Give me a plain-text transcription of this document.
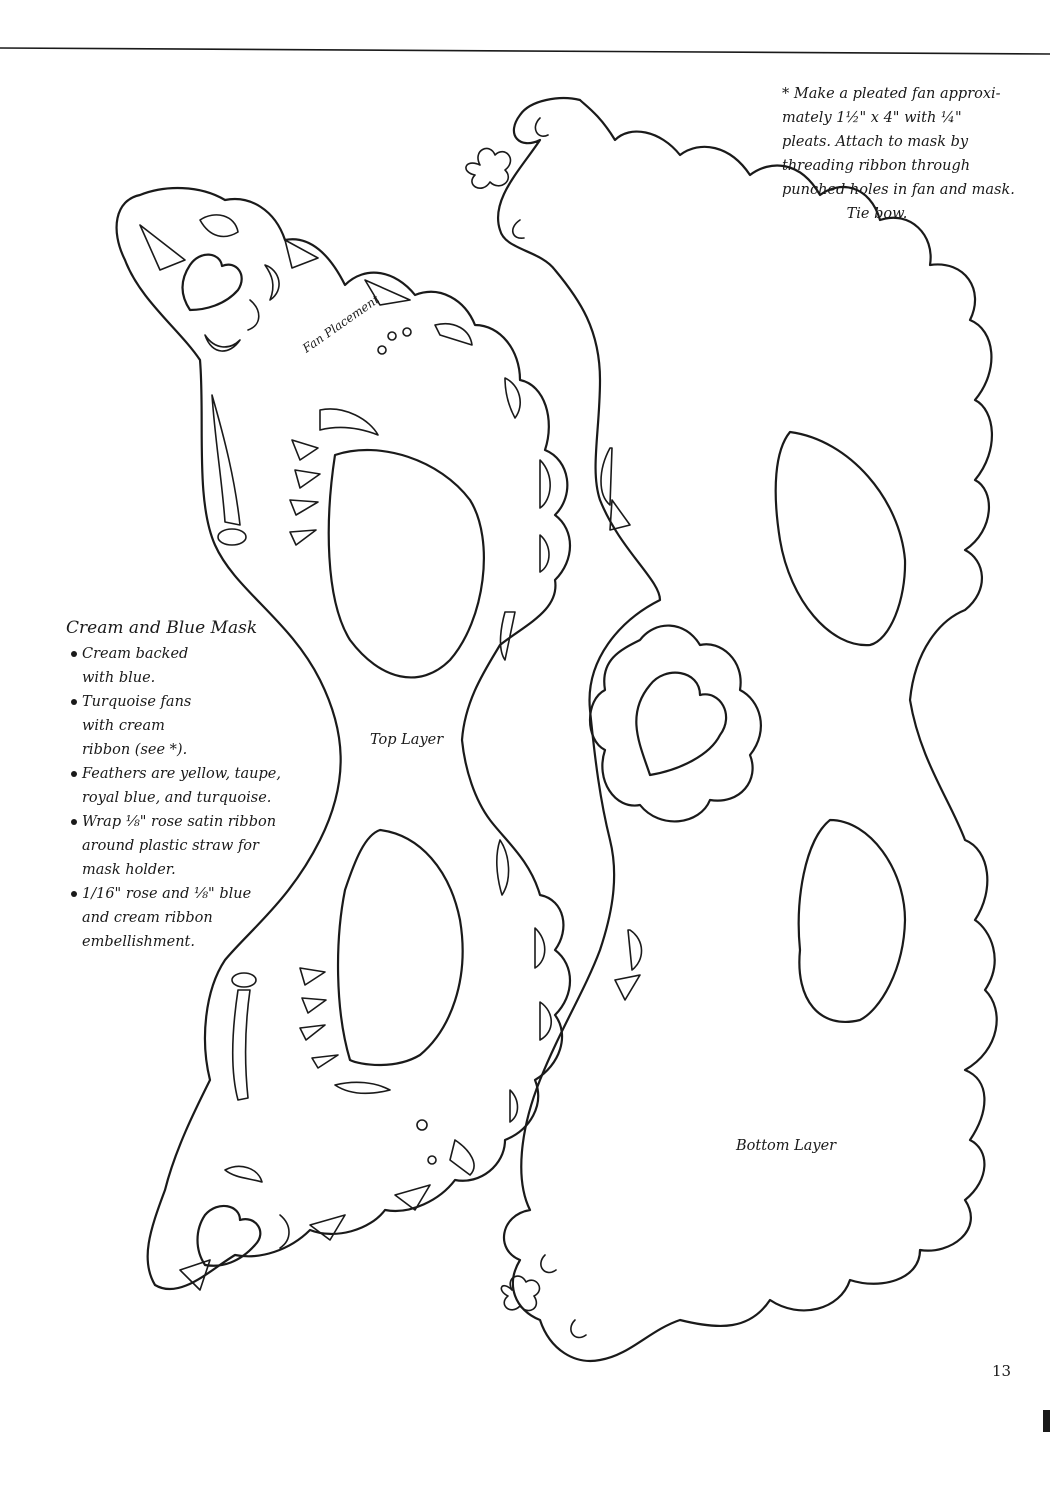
* Make a pleated fan approxi-
mately 1½" x 4" with ¼"
pleats. Attach to mask by
threading ribbon through
punched holes in fan and mask.
Tie bow.
Cream and Blue Mask
Cream backed
with blue.
Turquoise fans
with cream
ribbon (see *).
Feathers are yellow, taupe,
royal blue, and turquoise.
Wrap ⅛" rose satin ribbon
around plastic straw for
mask holder.
1/16" rose and ⅛" blue
and cream ribbon
embellishment.
Top Layer
Bottom Layer
Fan Placement
13
